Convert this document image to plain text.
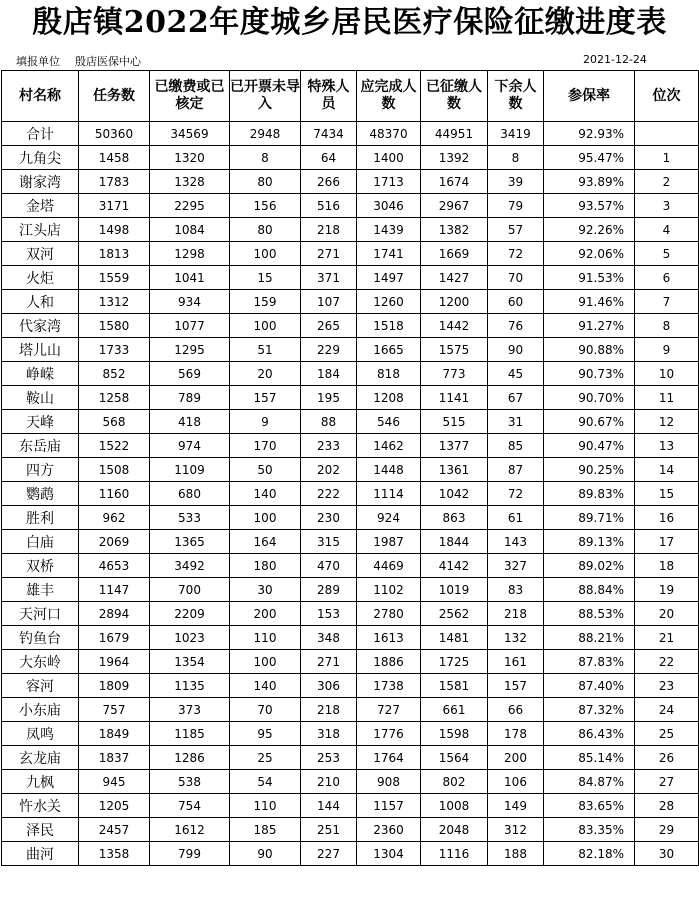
殷店镇2022年度城乡居民医疗保险征缴进度表
填报单位 殷店医保中心	2021-12-24
村名称	任务数	已缴费或已核定	已开票未导入	特殊人员	应完成人数	已征缴人数	下余人数	参保率	位次
合计	50360	34569	2948	7434	48370	44951	3419	92.93%	
九角尖	1458	1320	8	64	1400	1392	8	95.47%	1
谢家湾	1783	1328	80	266	1713	1674	39	93.89%	2
金塔	3171	2295	156	516	3046	2967	79	93.57%	3
江头店	1498	1084	80	218	1439	1382	57	92.26%	4
双河	1813	1298	100	271	1741	1669	72	92.06%	5
火炬	1559	1041	15	371	1497	1427	70	91.53%	6
人和	1312	934	159	107	1260	1200	60	91.46%	7
代家湾	1580	1077	100	265	1518	1442	76	91.27%	8
塔儿山	1733	1295	51	229	1665	1575	90	90.88%	9
峥嵘	852	569	20	184	818	773	45	90.73%	10
鞍山	1258	789	157	195	1208	1141	67	90.70%	11
天峰	568	418	9	88	546	515	31	90.67%	12
东岳庙	1522	974	170	233	1462	1377	85	90.47%	13
四方	1508	1109	50	202	1448	1361	87	90.25%	14
鹦鹉	1160	680	140	222	1114	1042	72	89.83%	15
胜利	962	533	100	230	924	863	61	89.71%	16
白庙	2069	1365	164	315	1987	1844	143	89.13%	17
双桥	4653	3492	180	470	4469	4142	327	89.02%	18
雄丰	1147	700	30	289	1102	1019	83	88.84%	19
天河口	2894	2209	200	153	2780	2562	218	88.53%	20
钓鱼台	1679	1023	110	348	1613	1481	132	88.21%	21
大东岭	1964	1354	100	271	1886	1725	161	87.83%	22
容河	1809	1135	140	306	1738	1581	157	87.40%	23
小东庙	757	373	70	218	727	661	66	87.32%	24
凤鸣	1849	1185	95	318	1776	1598	178	86.43%	25
玄龙庙	1837	1286	25	253	1764	1564	200	85.14%	26
九枫	945	538	54	210	908	802	106	84.87%	27
忤水关	1205	754	110	144	1157	1008	149	83.65%	28
泽民	2457	1612	185	251	2360	2048	312	83.35%	29
曲河	1358	799	90	227	1304	1116	188	82.18%	30
